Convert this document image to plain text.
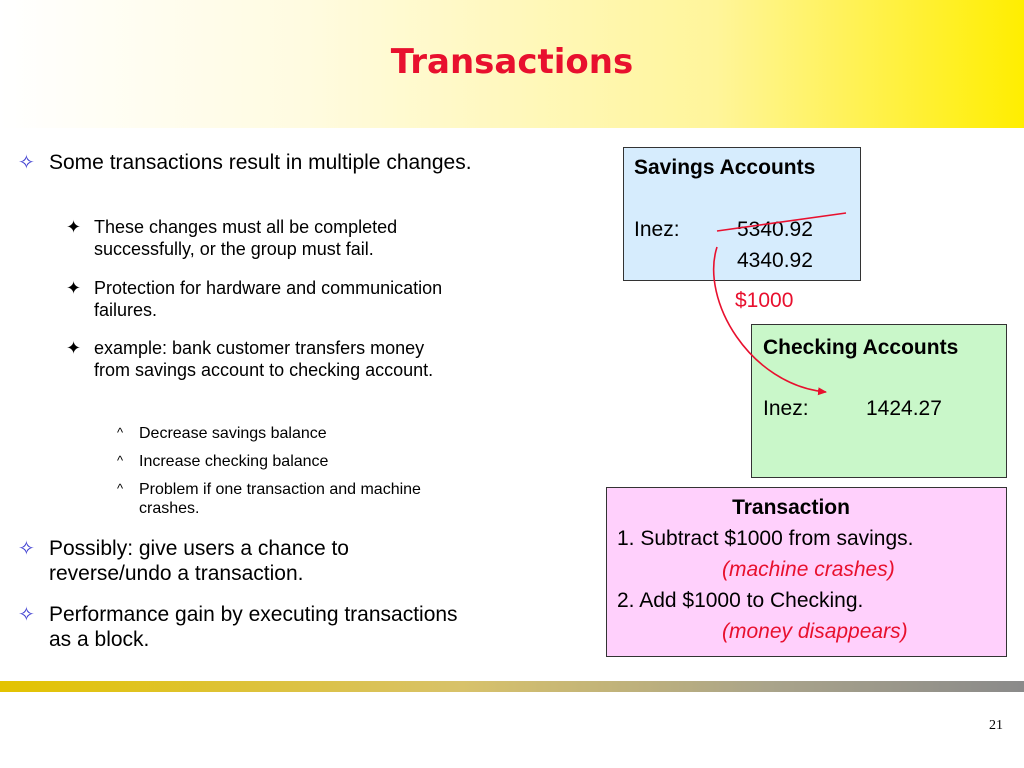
Transactions
✧ Some transactions result in multiple changes.
✦ These changes must all be completed successfully, or the group must fail.
✦ Protection for hardware and communication failures.
✦ example: bank customer transfers money from savings account to checking account.
^ Decrease savings balance
^ Increase checking balance
^ Problem if one transaction and machine crashes.
✧ Possibly: give users a chance to reverse/undo a transaction.
✧ Performance gain by executing transactions as a block.
Savings Accounts
Inez:	5340.92
4340.92
$1000
Checking Accounts
Inez:	1424.27
Transaction
1. Subtract $1000 from savings.
(machine crashes)
2. Add $1000 to Checking.
(money disappears)
21
